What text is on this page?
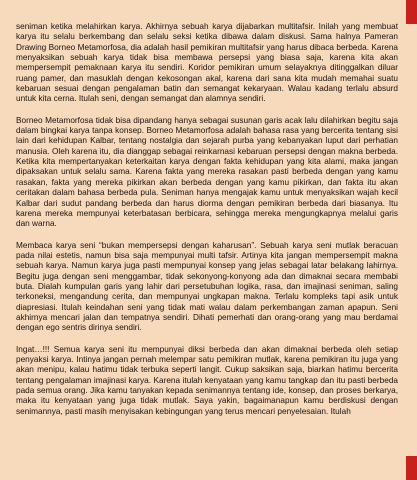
seniman ketika melahirkan karya. Akhirnya sebuah karya dijabarkan multitafsir. Inilah yang membuat karya itu selalu berkembang dan selalu seksi ketika dibawa dalam diskusi. Sama halnya Pameran Drawing Borneo Metamorfosa, dia adalah hasil pemikiran multitafsir yang harus dibaca berbeda. Karena menyaksikan sebuah karya tidak bisa membawa persepsi yang biasa saja, karena kita akan mempersempit pemaknaan karya itu sendiri. Koridor pemikiran umum selayaknya ditinggalkan diluar ruang pamer, dan masuklah dengan kekosongan akal, karena dari sana kita mudah memahai suatu kebaruan sesuai dengan pengalaman batin dan semangat kekaryaan. Walau kadang terlalu absurd untuk kita cerna. Itulah seni, dengan semangat dan alamnya sendiri.

Borneo Metamorfosa tidak bisa dipandang hanya sebagai susunan garis acak lalu dilahirkan begitu saja dalam bingkai karya tanpa konsep. Borneo Metamorfosa adalah bahasa rasa yang bercerita tentang sisi lain dari kehidupan Kalbar, tentang nostalgia dan sejarah purba yang kebanyakan luput dari perhatian manusia. Oleh karena itu, dia dianggap sebagai reinkarnasi kebaruan persepsi dengan makna berbeda. Ketika kita mempertanyakan keterkaitan karya dengan fakta kehidupan yang kita alami, maka jangan dipaksakan untuk selalu sama. Karena fakta yang mereka rasakan pasti berbeda dengan yang kamu rasakan, fakta yang mereka pikirkan akan berbeda dengan yang kamu pikirkan, dan fakta itu akan ceritakan dalam bahasa berbeda pula. Seniman hanya mengajak kamu untuk menyaksikan wajah kecil Kalbar dari sudut pandang berbeda dan harus diorma dengan pemikiran berbeda dari biasanya. Itu karena mereka mempunyai keterbatasan berbicara, sehingga mereka mengungkapnya melalui garis dan warna.

Membaca karya seni “bukan mempersepsi dengan kaharusan”. Sebuah karya seni mutlak beracuan pada nilai estetis, namun bisa saja mempunyai multi tafsir. Artinya kita jangan mempersempit makna sebuah karya. Namun karya juga pasti mempunyai konsep yang jelas sebagai latar belakang lahirnya. Begitu juga dengan seni menggambar, tidak sekonyong-konyong ada dan dimaknai secara membabi buta. Dialah kumpulan garis yang lahir dari persetubuhan logika, rasa, dan imajinasi seniman, saling terkoneksi, mengandung cerita, dan mempunyai ungkapan makna. Terlalu kompleks tapi asik untuk diapresiasi. Itulah keindahan seni yang tidak mati walau dalam perkembangan zaman apapun. Seni akhirnya mencari jalan dan tempatnya sendiri. Dihati pemerhati dan orang-orang yang mau berdamai dengan ego sentris dirinya sendiri.

Ingat…!!! Semua karya seni itu mempunyai diksi berbeda dan akan dimaknai berbeda oleh setiap penyaksi karya. Intinya jangan pernah melempar satu pemikiran mutlak, karena pemikiran itu juga yang akan menipu, kalau hatimu tidak terbuka seperti langit. Cukup saksikan saja, biarkan hatimu bercerita tentang pengalaman imajinasi karya. Karena itulah kenyataan yang kamu tangkap dan itu pasti berbeda pada semua orang. Jika kamu tanyakan kepada senimannya tentang ide, konsep, dan proses berkarya, maka itu kenyataan yang juga tidak mutlak. Saya yakin, bagaimanapun kamu berdiskusi dengan senimannya, pasti masih menyisakan kebingungan yang terus mencari penyelesaian. Itulah
